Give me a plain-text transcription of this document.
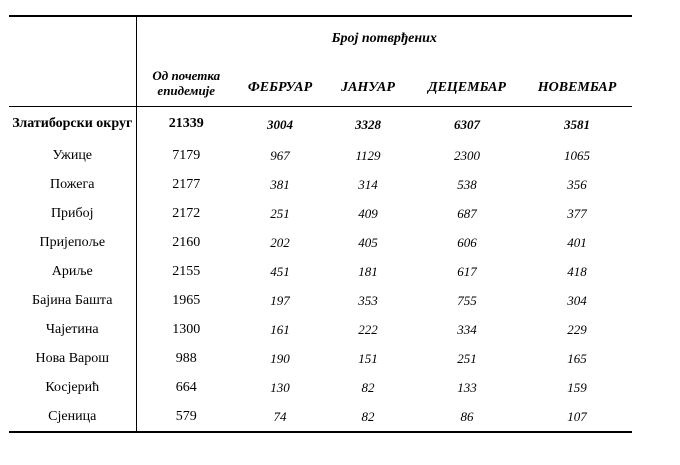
	Број потврђених				
	Од почетка епидемије	ФЕБРУАР	ЈАНУАР	ДЕЦЕМБАР	НОВЕМБАР
Златиборски округ	21339	3004	3328	6307	3581
Ужице	7179	967	1129	2300	1065
Пожега	2177	381	314	538	356
Прибој	2172	251	409	687	377
Пријепоље	2160	202	405	606	401
Ариље	2155	451	181	617	418
Бајина Башта	1965	197	353	755	304
Чајетина	1300	161	222	334	229
Нова Варош	988	190	151	251	165
Косјерић	664	130	82	133	159
Сјеница	579	74	82	86	107
